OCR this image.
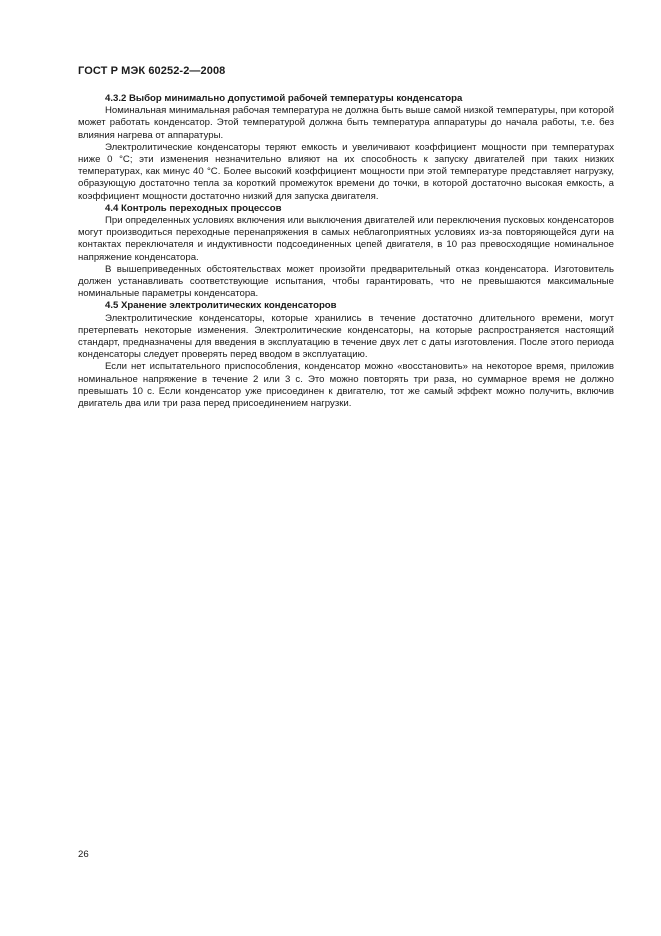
ГОСТ Р МЭК 60252-2—2008

4.3.2 Выбор минимально допустимой рабочей температуры конденсатора

Номинальная минимальная рабочая температура не должна быть выше самой низкой температуры, при которой может работать конденсатор. Этой температурой должна быть температура аппаратуры до начала работы, т.е. без влияния нагрева от аппаратуры.

Электролитические конденсаторы теряют емкость и увеличивают коэффициент мощности при температурах ниже 0 °C; эти изменения незначительно влияют на их способность к запуску двигателей при таких низких температурах, как минус 40 °C. Более высокий коэффициент мощности при этой температуре представляет нагрузку, образующую достаточно тепла за короткий промежуток времени до точки, в которой достаточно высокая емкость, а коэффициент мощности достаточно низкий для запуска двигателя.

4.4 Контроль переходных процессов

При определенных условиях включения или выключения двигателей или переключения пусковых конденсаторов могут производиться переходные перенапряжения в самых неблагоприятных условиях из-за повторяющейся дуги на контактах переключателя и индуктивности подсоединенных цепей двигателя, в 10 раз превосходящие номинальное напряжение конденсатора.

В вышеприведенных обстоятельствах может произойти предварительный отказ конденсатора. Изготовитель должен устанавливать соответствующие испытания, чтобы гарантировать, что не превышаются максимальные номинальные параметры конденсатора.

4.5 Хранение электролитических конденсаторов

Электролитические конденсаторы, которые хранились в течение достаточно длительного времени, могут претерпевать некоторые изменения. Электролитические конденсаторы, на которые распространяется настоящий стандарт, предназначены для введения в эксплуатацию в течение двух лет с даты изготовления. После этого периода конденсаторы следует проверять перед вводом в эксплуатацию.

Если нет испытательного приспособления, конденсатор можно «восстановить» на некоторое время, приложив номинальное напряжение в течение 2 или 3 с. Это можно повторять три раза, но суммарное время не должно превышать 10 с. Если конденсатор уже присоединен к двигателю, тот же самый эффект можно получить, включив двигатель два или три раза перед присоединением нагрузки.

26
